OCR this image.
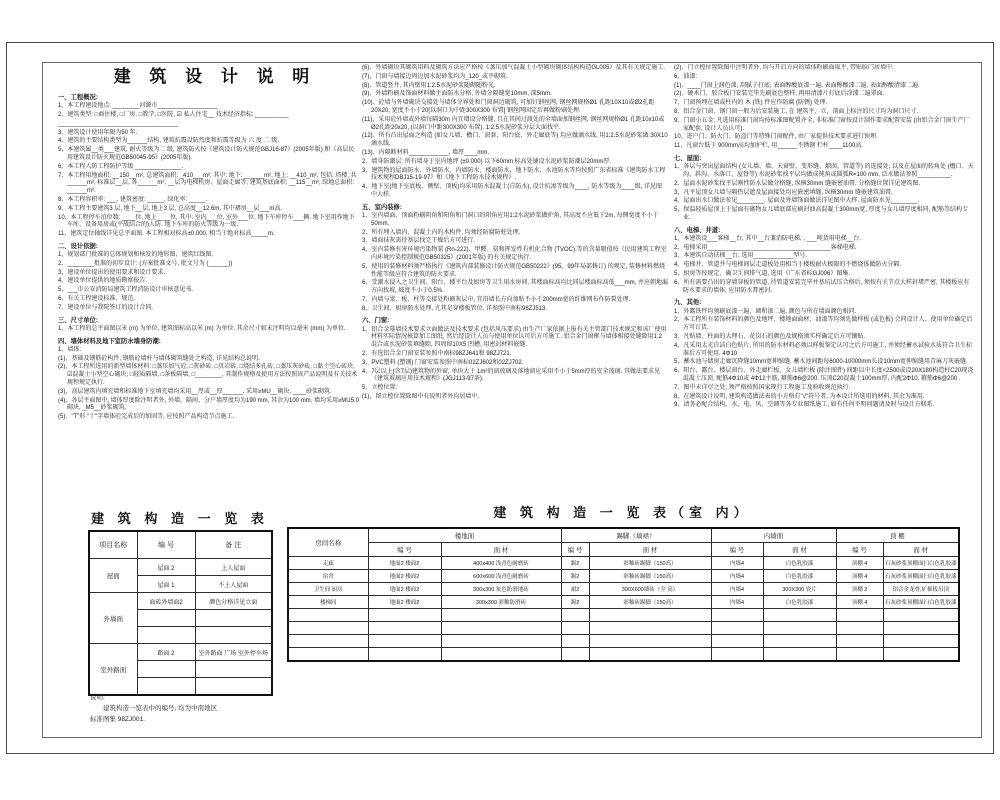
建 筑 设 计 说 明
一、工程概况:
1、本工程建设地点: ________河源市__________________
2、建筑类型: □商住楼, □厂房, □教学, □医院, ☑ 私人住宅__ 技术经济指标: __________
____________________________________
3、建筑设计使用年限为50 年.
4、建筑的主要结构类型为______结构, 建筑抗震设防烈度和抗震等级为 六 度 二 级.
5、本建筑属__类___建筑, 耐火等级为二 级, 建筑防火按《建筑设计防火规范GBJ16-87》(2005年版) 和《高层民用建筑设计防火规范GB50045-95》(2005年版).
6、本工程人防工程防护等级 ______________.
7、本工程用地面积: __150__m², 总建筑面积: _410___m²; 其中: 地下: ______m², 地上: __410_m², 包括: 塔楼: 共______m², 标准层__层, 各______m², __层为电梯机房、屋面走廊等; 建筑基底面积: __115__m², 绿地总面积: ______m².
8、本工程容积率: ___, 建筑密度: _____, 绿化率: _____.
9、本工程主要建筑3 层, 地下__层, 地上3 层, 总高度__12.6m, 其中裙房__层___m高.
10、本工程停车泊位数: ____位, 地上____位, 其中: 室内___位, 室外___位. 地下车库停车___辆. 地下室用作地下车库、设备用房或(平战结合的)人防. 地下车库的防火等级为一级.
11、建筑定位轴线详见总平面图. 本工程相对标高±0.000, 相当于绝对标高_____m.
二、设计依据:
1、规划部门批准的总体规划和核发的地形图、建筑红线图.
2、________批准的初步设计: (方案批准文号, 批文号为 (______))
3、建设单位提出的使用要求和设计要求.
4、建设单位提供的地质勘察报告.
5、___市公安消防局建筑工程消防设计审核意见书.
6、有关工程建设标准、规范.
7、建设单位与我院签订的设计合同.
三、尺寸单位:
1、本工程的总平面图以米 (m) 为单位, 建筑图标高以米 (m) 为单位. 其余尺寸如未注明均以毫米 (mm) 为单位.
四、墙体材料及地下室防水墙身防潮:
1、墙体:
(1)、基础及钢筋砼构件, 钢筋砼墙柱与墙体砌筑缝处之构造, 详见结构总说明.
(2)、本工程所选用的新型墙体材料: □蒸压加气砼, □灰砂砖, □页岩砖, □烧结多孔砖, □蒸压灰砂砖, □黏土空心砖块, ☑混凝土小型空心砌块, □轻质隔墙, □条板隔墙, □________, 其制作规格及使用方法按照该产品说明及有关技术规程规定执行.
(3)、高层建筑内填充墙和标准地下室填充墙均采用__厚或__厚______, 采用≥MU__砌块, ____砂浆砌筑.
(4)、各层平面图中, 墙体厚度除注明者外, 外墙、隔间、分户墙厚度均为190 mm, 其余为100 mm. 墙均采用≥MU5.0 砌块, _M5__砂浆砌筑.
(5)、"T"形 "十"字墙体砼完成后的加固等, 应按照产品构造节点施工.
(6)、外墙砌块其砌筑用料及砌筑方法应严格按《蒸压加气混凝土小型砌块砌体结构构造GL005》及其有关规定施工.
(7)、门窗与墙接边周边加水泥砂浆均为_120_或平砌筑.
(8)、管道竖井, 其内壁用1:2.5水泥砂浆随砌随粉光.
(9)、外墙粉刷及饰面材料做主面防水分格, 外墙分隔缝宽10mm, 深5mm.
(10)、砼墙与外墙砌块交接处与墙体分界处和门窗洞边砌筑, 可加钉钢丝网, 钢丝网规格Ø1 孔距10X10或Ø2孔距20X20, 宽度不小于20[以洞口为中距300X300 布置] 钢丝网固定后再做粉刷处理.
(11)、采用砼外墙或外墙每隔30m 内宜增设分格缝, 且在其间过渡处的全墙面加钢丝网, 钢丝网规格Ø1 孔距10x10或Ø2孔距20x20, (以洞口中距300X300 布置), 1:2.5水泥砂浆分层大面找平.
(12)、所有凸出屋面之构造 (如女儿墙、檐口、窗套、阳台底、外走廊底等) 均应做滴水线, 用1:2.5水泥砂浆做 30X10滴水线.
(13)、内隔断材料____________, 墙厚____mm.
2、墙身防潮层: 所有墙身于室内地坪 (±0.000) 以下60mm 标高处铺设水泥砂浆防潮层20mm厚.
3、建筑物的屋面防水、外墙防水、内墙防水、楼面防水、地下防水、水池防水等均按照广东省标准《建筑防水工程技术规程DBJ15-19-97》和《地下工程防水技术规程》.
4、地下室(地下室底板、侧壁、顶板)均采用防水混凝土(自防水), 设计抗渗等级为____, 防水等级为____级, 详见图中大样.
五、室内装修:
1、室内墙面、顶面粉刷阴角和阳角和门洞口的阳角应用1:2水泥砂浆做护角, 其高度不应低于2m, 每侧宽度不小于50mm.
2、所有埋入墙内、混凝土内的木构件, 均须经防腐防蛀处理.
3、墙面抹灰需待基层找完干燥后方可进行.
4、室内装修有害环境污染物氡 (Rn-222)、甲醛、氨和挥发性有机化合物 (TVOC) 等的含量限值按《民用建筑工程室内环境污染控制规范GB50325》(2001年版) 的有关规定执行.
5、使用的装修材料须严格执行《建筑内部装修设计防火规范GB50222》(95、99年局部修订) 的规定, 装修材料燃烧性能等级应符合建筑的防火要求.
6、受潮水侵入之卫生间、阳台、楼平台及厨房等卫生用水房间, 其楼面标高均比同层楼面标高低___mm, 并应朝地漏方向找坡, 坡度不小于0.5%.
7、内墙与梁、板、柱等交接处粉刷灰层中, 宜沿墙长方向加贴不小于200mm宽的纤维网布作防裂处理.
8、卫生间、厨房防水处理, 尤其是穿楼板管位, 详参照中南标98ZJ513.
六、门窗:
1、铝合金幕墙技术要求立面做法及技术要求 (包括风压要求) 由生产厂家依据上报有关主管部门技术规定和该厂使用材料实际情况核算加工图纸, 然后经设计人员与使用单位认可后方可施工. 铝合金门窗框与墙体相接处缝隙用1:2 混合或水泥砂浆填缝隙, 四周留10X5 凹槽, 用密封材料嵌缝.
2、有选铝合金门窗安装参照中南标98ZJ641和 98ZJ721.
3、PVC塑料 (塑钢) 门窗安装参照中南标02ZJ602和02ZJ702.
4、7层以上(含7层)建筑物的外窗, 单块大于 1m²的窗玻璃及落地窗应采用不小于5mm厚的安全玻璃. 其做法要求见《建筑玻璃应用技术规程》(JGJ113-97条).
5、立樘位置:
(1)、留立樘位置除图中有说明者外均居墙中.
(2)、门立樘位置除图中注明者外, 均与开启方向的墙体粉刷面取平, 带贴脸门居墙中.
6、油漆:
(1)、____门窗上润色漆, 刮腻子打底, 表面醇酸底漆一遍, 表面醇酸漆二遍, 表面醇酸清漆二遍.
(2)、硬木门、胶合板门安装完毕先刷底色整样, 再用清漆片打底后涂漆二遍罩面.
7、门窗预埋在墙或柱内的 木 (铁) 件应作防腐 (防锈) 处理.
8、铝合金门窗、钢门窗一般为后安装施工, 在 建筑平、立、剖面上标注的尺寸均为洞口尺寸.
9、门窗小五金; 凡选用标准门窗均按标准图配置齐全, 非标准门窗按设计制作要求配置安装 (由铝合金门窗生产厂家配套, 设计人员认可).
10、进户门、防火门、防盗门等特殊门窗配件, 由厂家提供技术要求进行预埋.
11、凡窗台低于 900mm高均加护栏, 用______不锈钢 栏杆____1100高.
七、屋面:
1、各层与突出屋面结构 (女儿墙、墙、天窗壁、变形缝、烟囱、管道等) 的连接处, 以及在屋面的转角处 (檐口、天沟、斜沟、水落口、屋脊等) 水泥砂浆找平层均做成钝角或圆弧R=100 mm, 泛水做法参照__________.
2、屋面水泥砂浆找平层刚性防水层做分格缝, 纵横30mm 缝嵌密油膏, 分格缝位置详见建筑图.
3、凡平屋顶女儿墙与隔热层遮及屋面接处均应嵌密填缝, 纵横30mm 缝嵌建筑油膏.
4、屋面出水口做法参见________, 屋面及外墙饰面做法详见图中大样. 屋面防水见________.
5、保温轻质屋顶上于屋面有砌物女儿墙底部应刷封油高混凝土300mm宽, 厚度与女儿墙厚度相同, 配筋等结构专业.
八、电梯、井道:
1、本建筑设___客梯__台, 其中__台兼消防电梯, , ___吨货用电梯__台.
2、电梯采用_____________________________________客梯电梯.
3、本建筑自动扶梯__台, 选用____________型号.
4、电梯井、管道井与电梯间层走道板处用相当于楼板耐火极限的不燃烧体做防火分隔.
5、厨房等按规定、确卫生间排气道, 选用《广东省标GJ006》图集.
6、所有需要凸出的穿墙穿板的管道, 待管道安装完毕并基坑试压合格后, 须按有关节点大样封堵严密, 其楼板应有防水要求的墙体, 应用防水膏密封.
九、其他:
1、外露铁件均须刷底漆一遍、调和漆二遍, 颜色与所在墙面颜色相同.
2、本工程所有装饰材料的颜色及地坪、楼地面面材、油漆等均须先做样板 (或色板) 会同设计人、使用单位确定后方可订货.
3、凡贴墙、柱面的大理石、花岗石的颜色及规格须实样确定后方可镶贴.
4、凡采用太光自洁白色贴片, 所用的防水材料必须以样板鉴定认可之后方可施工, 并须经蓄水试验水质符合卫生标准后方可使用. 4Φ10
5、蓄水池与储房走廊沉降缝10mm宽伸缩缝, 蓄水池间距每6000-10000mm长设10mm宽伸缩缝用青麻刀灰嵌缝.
6、阳台、露台、楼层窗台、外走廊栏板、女儿墙栏板 (除注图件) 间距以中长度<2500或设20X180构造柱C20现浇混凝土压顶, 配筋4Φ10或 4Φ12主筋, 箍筋Φ6@200. 压顶C20混凝土100mm厚, 内配2Φ10, 箍筋Φ6@200 .
7、图中未详尽之处, 须严格按照国家现行工程施工及验收规范执行.
8、在建筑设计说明, 建筑构造做法表的小方格打"√"符号者, 为本设计所选用的材料, 其余为准用.
9、请务必配合结构、水、电、风、空调等各专业图纸施工, 如有任何不明问题请及时与设计方联系.
建 筑 构 造 一 览 表
项目名称	编 号	备 注
屋面	屋面 2	上人屋面
	屋面 1	不上人屋面
外墙面	面砖外墙面2	颜色分格详见立面

室外路面	路面 2	室外路面 广场 室外停车场

说明:
　　建筑构造一览表中的编号, 均为中南地区
标准图集 98ZJ001.
建 筑 构 造 一 览 表（室 内）
房间名称	楼地面		踢脚（墙裙）		内墙面		顶 棚	
	编 号	面 材	编 号	面 材	编 号	面 材	编 号	面 材
走廊	地面2 楼面2	400x400 浅青色耐磨砖	踢2	彩釉砖踢脚（150高）	内墙4	白色乳胶漆	顶棚 4	石灰砂浆顶棚面扫白色乳胶漆
宿舍	地面2 楼面2	600x600 浅青色耐磨砖	踢2	彩釉砖踢脚（150高）	内墙4	白色乳胶漆	顶棚 4	石灰砂浆顶棚面扫白色乳胶漆
卫生间 厨房	地面2 楼面2	300x300 灰色防滑地砖	裙2	300X600墙砖（全 高）	内墙4	300X300 瓷片	顶棚 2	铝合金龙骨,矿棉板吊顶
楼梯间	地面2 楼面2	300x300 彩釉防滑砖	踢2	彩釉砖踢脚（150高）	内墙4	白色乳胶漆	顶棚 4	石灰砂浆顶棚面扫白色乳胶漆
